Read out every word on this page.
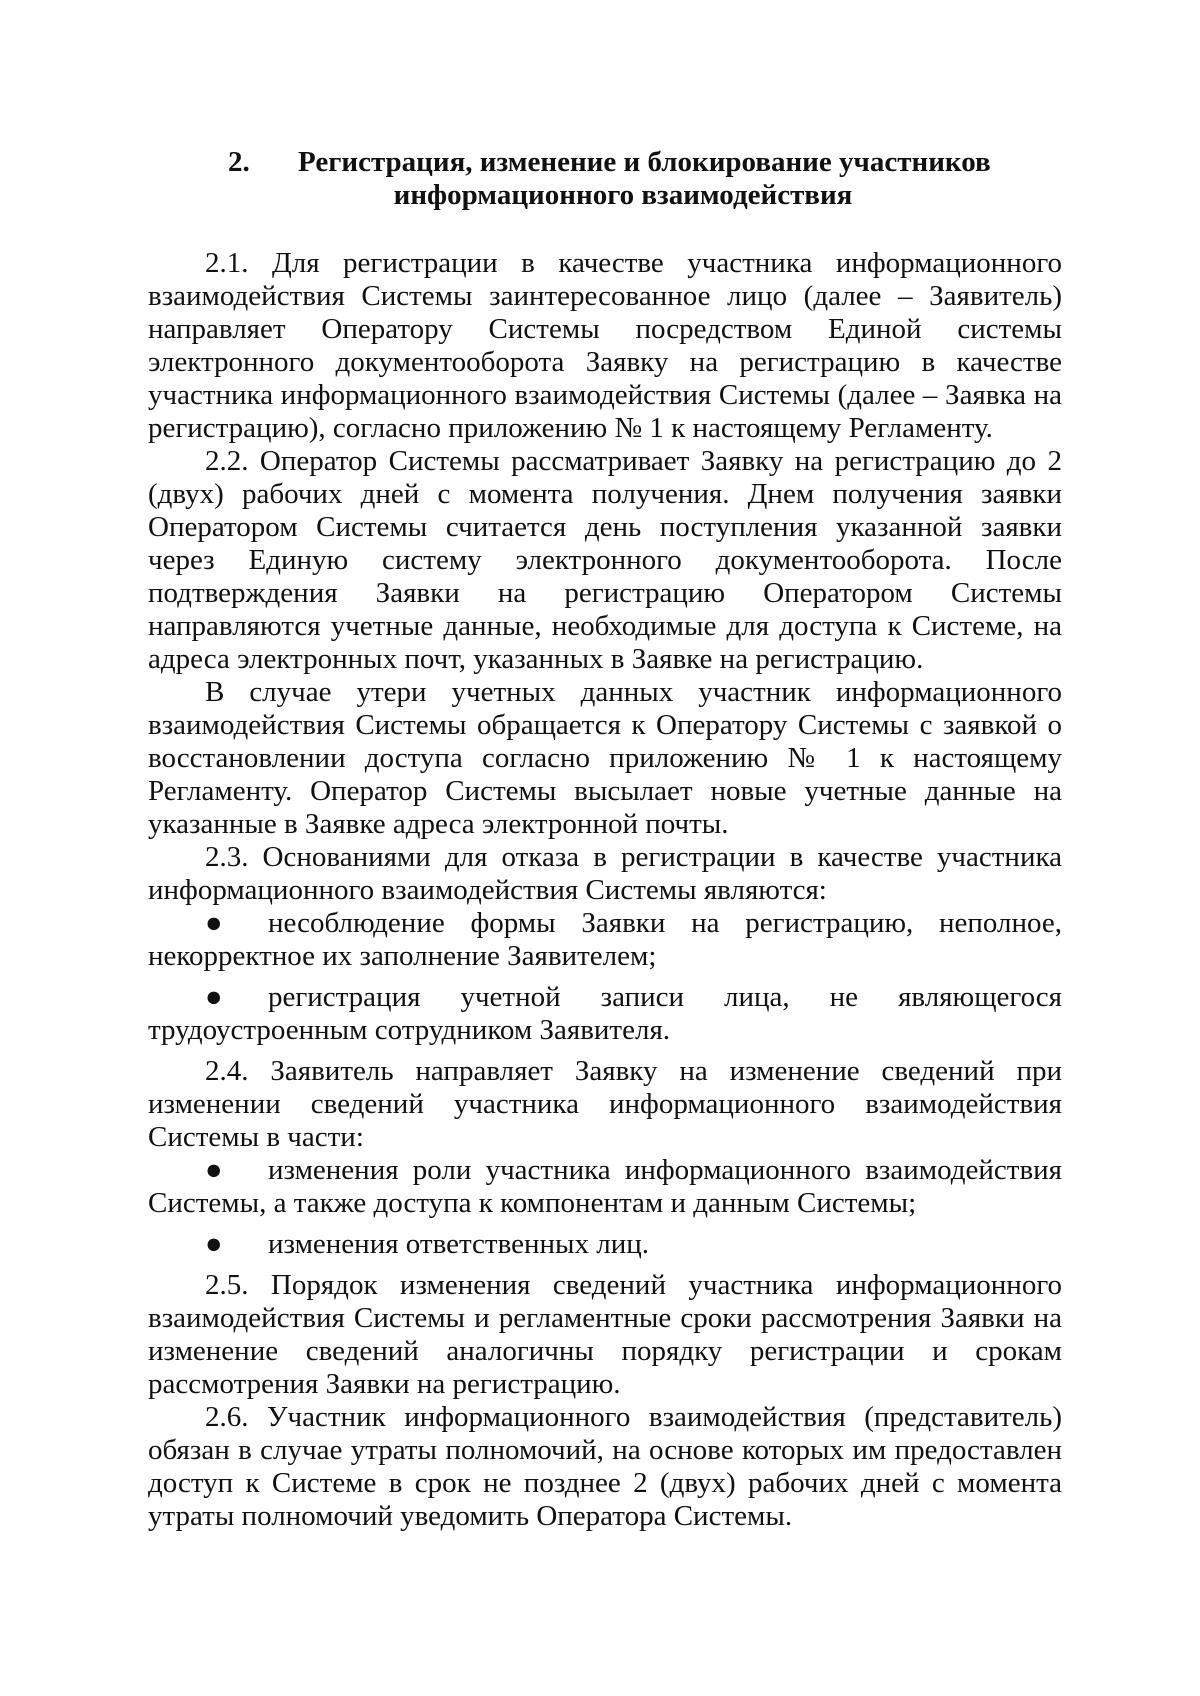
2. Регистрация, изменение и блокирование участников
информационного взаимодействия

2.1. Для регистрации в качестве участника информационного взаимодействия Системы заинтересованное лицо (далее – Заявитель) направляет Оператору Системы посредством Единой системы электронного документооборота Заявку на регистрацию в качестве участника информационного взаимодействия Системы (далее – Заявка на регистрацию), согласно приложению № 1 к настоящему Регламенту.

2.2. Оператор Системы рассматривает Заявку на регистрацию до 2 (двух) рабочих дней с момента получения. Днем получения заявки Оператором Системы считается день поступления указанной заявки через Единую систему электронного документооборота. После подтверждения Заявки на регистрацию Оператором Системы направляются учетные данные, необходимые для доступа к Системе, на адреса электронных почт, указанных в Заявке на регистрацию.

В случае утери учетных данных участник информационного взаимодействия Системы обращается к Оператору Системы с заявкой о восстановлении доступа согласно приложению № 1 к настоящему Регламенту. Оператор Системы высылает новые учетные данные на указанные в Заявке адреса электронной почты.

2.3. Основаниями для отказа в регистрации в качестве участника информационного взаимодействия Системы являются:

● несоблюдение формы Заявки на регистрацию, неполное, некорректное их заполнение Заявителем;
● регистрация учетной записи лица, не являющегося трудоустроенным сотрудником Заявителя.

2.4. Заявитель направляет Заявку на изменение сведений при изменении сведений участника информационного взаимодействия Системы в части:

● изменения роли участника информационного взаимодействия Системы, а также доступа к компонентам и данным Системы;
● изменения ответственных лиц.

2.5. Порядок изменения сведений участника информационного взаимодействия Системы и регламентные сроки рассмотрения Заявки на изменение сведений аналогичны порядку регистрации и срокам рассмотрения Заявки на регистрацию.

2.6. Участник информационного взаимодействия (представитель) обязан в случае утраты полномочий, на основе которых им предоставлен доступ к Системе в срок не позднее 2 (двух) рабочих дней с момента утраты полномочий уведомить Оператора Системы.
